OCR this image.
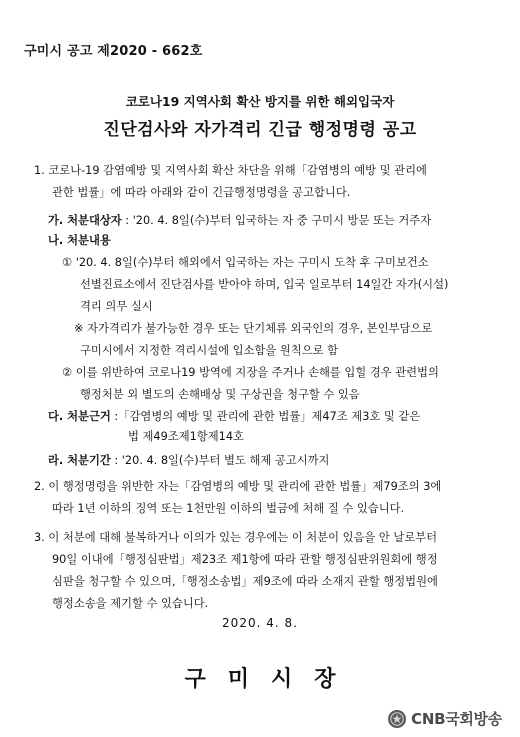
구미시 공고 제2020 - 662호
코로나19 지역사회 확산 방지를 위한 해외입국자
진단검사와 자가격리 긴급 행정명령 공고
1. 코로나-19 감염예방 및 지역사회 확산 차단을 위해「감염병의 예방 및 관리에
관한 법률」에 따라 아래와 같이 긴급행정명령을 공고합니다.
가. 처분대상자 : '20. 4. 8일(수)부터 입국하는 자 중 구미시 방문 또는 거주자
나. 처분내용
① '20. 4. 8일(수)부터 해외에서 입국하는 자는 구미시 도착 후 구미보건소
선별진료소에서 진단검사를 받아야 하며, 입국 일로부터 14일간 자가(시설)
격리 의무 실시
※ 자가격리가 불가능한 경우 또는 단기체류 외국인의 경우, 본인부담으로
구미시에서 지정한 격리시설에 입소함을 원칙으로 함
② 이를 위반하여 코로나19 방역에 지장을 주거나 손해를 입힐 경우 관련법의
행정처분 외 별도의 손해배상 및 구상권을 청구할 수 있음
다. 처분근거 :「감염병의 예방 및 관리에 관한 법률」제47조 제3호 및 같은
법 제49조제1항제14호
라. 처분기간 : '20. 4. 8일(수)부터 별도 해제 공고시까지
2. 이 행정명령을 위반한 자는「감염병의 예방 및 관리에 관한 법률」제79조의 3에
따라 1년 이하의 징역 또는 1천만원 이하의 벌금에 처해 질 수 있습니다.
3. 이 처분에 대해 불복하거나 이의가 있는 경우에는 이 처분이 있음을 안 날로부터
90일 이내에「행정심판법」제23조 제1항에 따라 관할 행정심판위원회에 행정
심판을 청구할 수 있으며,「행정소송법」제9조에 따라 소재지 관할 행정법원에
행정소송을 제기할 수 있습니다.
2020. 4. 8.
구미시장
CNB국회방송
